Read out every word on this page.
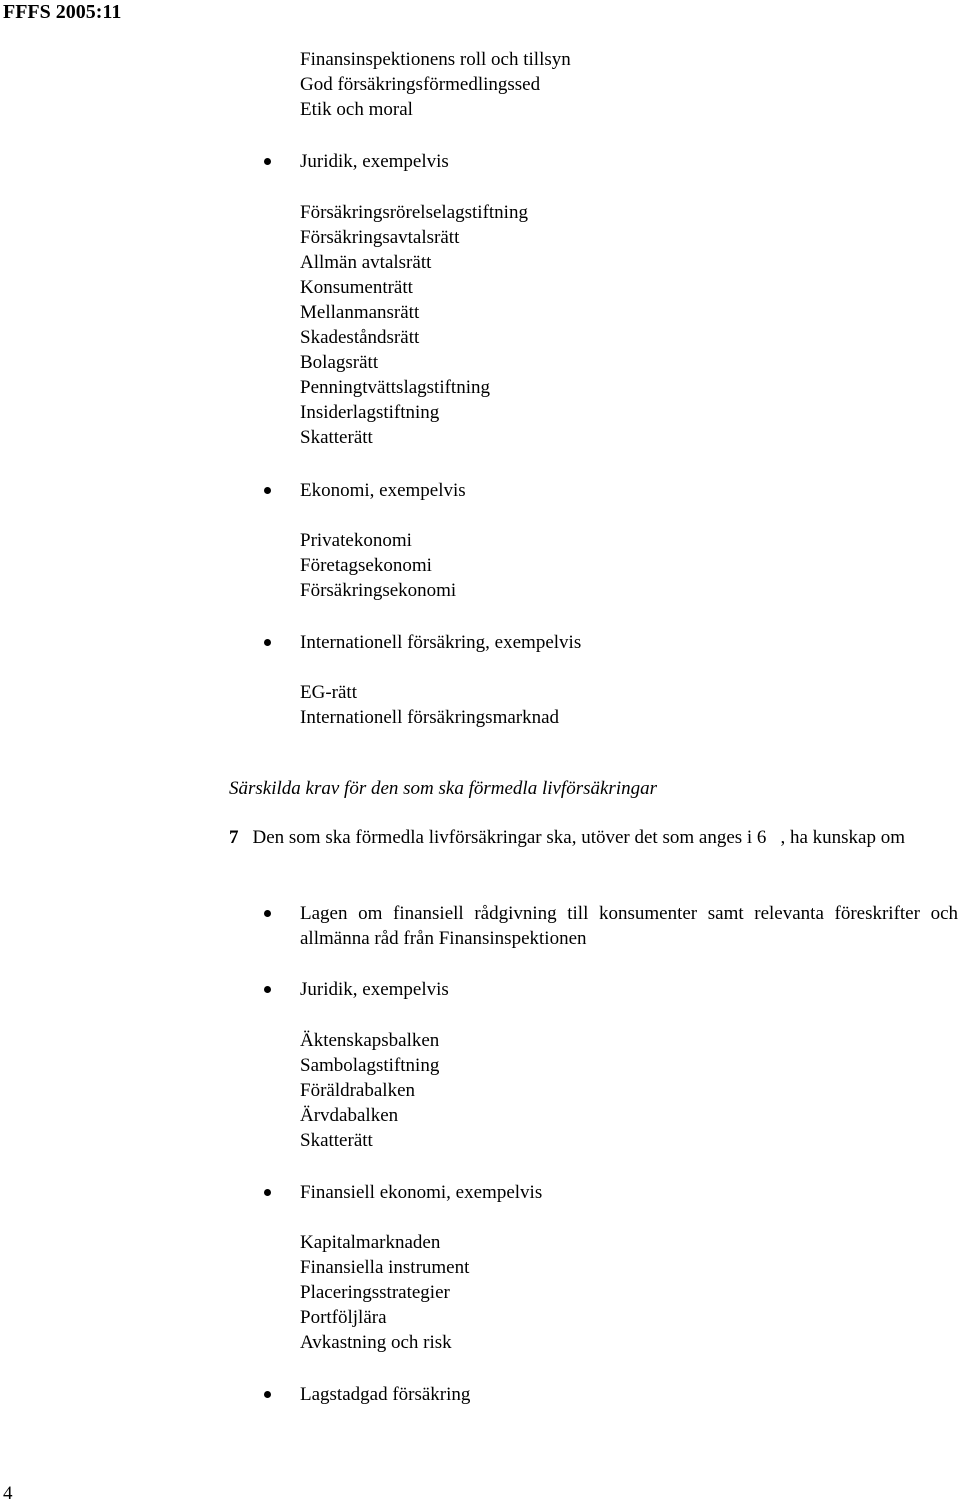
FFFS 2005:11
Finansinspektionens roll och tillsyn
God försäkringsförmedlingssed
Etik och moral
Juridik, exempelvis
Försäkringsrörelselagstiftning
Försäkringsavtalsrätt
Allmän avtalsrätt
Konsumenträtt
Mellanmansrätt
Skadeståndsrätt
Bolagsrätt
Penningtvättslagstiftning
Insiderlagstiftning
Skatterätt
Ekonomi, exempelvis
Privatekonomi
Företagsekonomi
Försäkringsekonomi
Internationell försäkring, exempelvis
EG-rätt
Internationell försäkringsmarknad
Särskilda krav för den som ska förmedla livförsäkringar
7 Den som ska förmedla livförsäkringar ska, utöver det som anges i 6 , ha kunskap om
Lagen om finansiell rådgivning till konsumenter samt relevanta föreskrifter och allmänna råd från Finansinspektionen
Juridik, exempelvis
Äktenskapsbalken
Sambolagstiftning
Föräldrabalken
Ärvdabalken
Skatterätt
Finansiell ekonomi, exempelvis
Kapitalmarknaden
Finansiella instrument
Placeringsstrategier
Portföljlära
Avkastning och risk
Lagstadgad försäkring
4
